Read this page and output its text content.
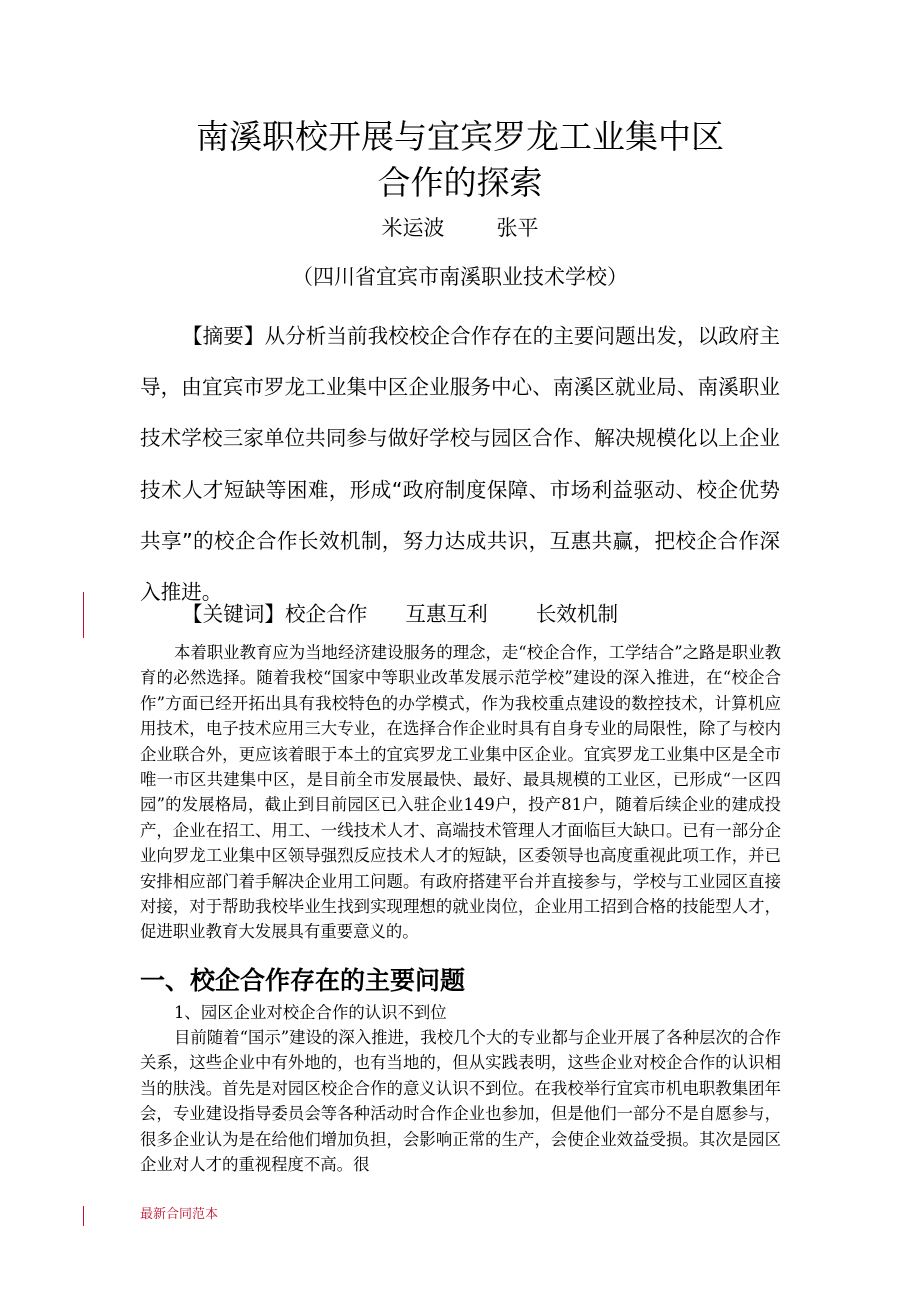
南溪职校开展与宜宾罗龙工业集中区
合作的探索
米运波 张平
（四川省宜宾市南溪职业技术学校）

【摘要】从分析当前我校校企合作存在的主要问题出发，以政府主导，由宜宾市罗龙工业集中区企业服务中心、南溪区就业局、南溪职业技术学校三家单位共同参与做好学校与园区合作、解决规模化以上企业技术人才短缺等困难，形成“政府制度保障、市场利益驱动、校企优势共享”的校企合作长效机制，努力达成共识，互惠共赢，把校企合作深入推进。

【关键词】校企合作 互惠互利 长效机制

本着职业教育应为当地经济建设服务的理念，走“校企合作，工学结合”之路是职业教育的必然选择。随着我校“国家中等职业改革发展示范学校”建设的深入推进，在“校企合作”方面已经开拓出具有我校特色的办学模式，作为我校重点建设的数控技术，计算机应用技术，电子技术应用三大专业，在选择合作企业时具有自身专业的局限性，除了与校内企业联合外，更应该着眼于本土的宜宾罗龙工业集中区企业。宜宾罗龙工业集中区是全市唯一市区共建集中区，是目前全市发展最快、最好、最具规模的工业区，已形成“一区四园”的发展格局，截止到目前园区已入驻企业149户，投产81户，随着后续企业的建成投产，企业在招工、用工、一线技术人才、高端技术管理人才面临巨大缺口。已有一部分企业向罗龙工业集中区领导强烈反应技术人才的短缺，区委领导也高度重视此项工作，并已安排相应部门着手解决企业用工问题。有政府搭建平台并直接参与，学校与工业园区直接对接，对于帮助我校毕业生找到实现理想的就业岗位，企业用工招到合格的技能型人才，促进职业教育大发展具有重要意义的。

一、校企合作存在的主要问题

1、园区企业对校企合作的认识不到位

目前随着“国示”建设的深入推进，我校几个大的专业都与企业开展了各种层次的合作关系，这些企业中有外地的，也有当地的，但从实践表明，这些企业对校企合作的认识相当的肤浅。首先是对园区校企合作的意义认识不到位。在我校举行宜宾市机电职教集团年会，专业建设指导委员会等各种活动时合作企业也参加，但是他们一部分不是自愿参与，很多企业认为是在给他们增加负担，会影响正常的生产，会使企业效益受损。其次是园区企业对人才的重视程度不高。很

最新合同范本
